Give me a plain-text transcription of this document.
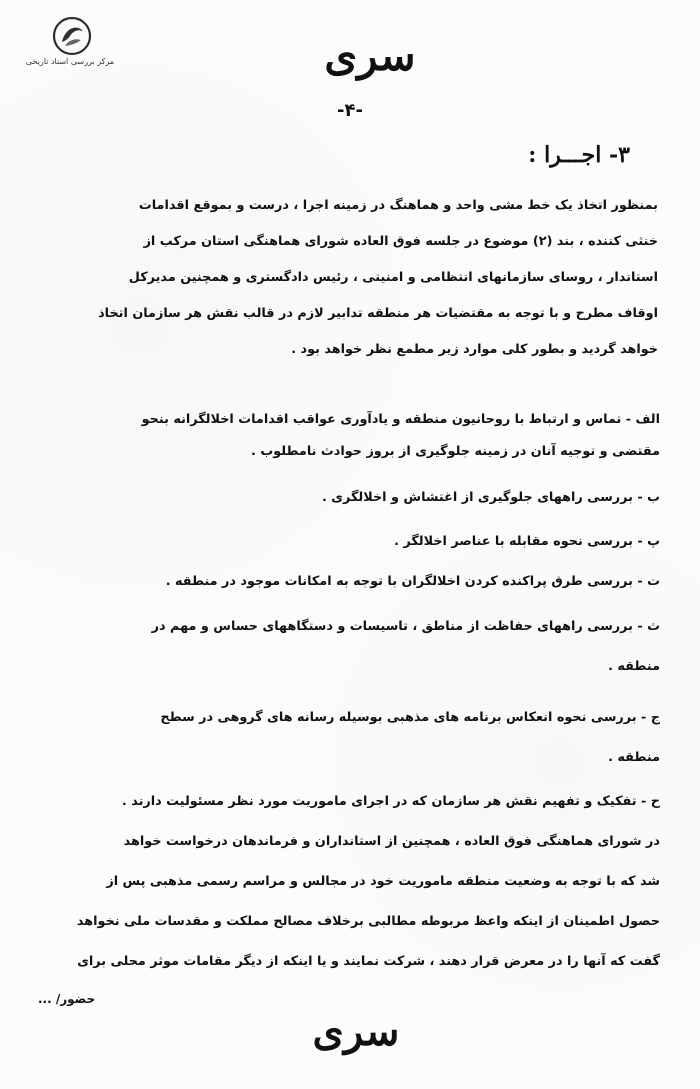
مرکز بررسی اسناد تاریخی	سری
-۴-
۳- اجـــرا :
بمنظور اتخاذ یک خط مشی واحد و هماهنگ در زمینه اجرا ، درست و بموقع اقدامات
خنثی کننده ، بند (۲) موضوع در جلسه فوق العاده شورای هماهنگی استان مرکب از
استاندار ، روسای سازمانهای انتظامی و امنیتی ، رئیس دادگستری و همچنین مدیرکل
اوقاف مطرح و با توجه به مقتضیات هر منطقه تدابیر لازم در قالب نقش هر سازمان اتخاذ
خواهد گردید و بطور کلی موارد زیر مطمع نظر خواهد بود .
الف - تماس و ارتباط با روحانیون منطقه و یادآوری عواقب اقدامات اخلالگرانه بنحو
مقتضی و توجیه آنان در زمینه جلوگیری از بروز حوادث نامطلوب .
ب - بررسی راههای جلوگیری از اغتشاش و اخلالگری .
پ - بررسی نحوه مقابله با عناصر اخلالگر .
ت - بررسی طرق پراکنده کردن اخلالگران با توجه به امکانات موجود در منطقه .
ث - بررسی راههای حفاظت از مناطق ، تاسیسات و دستگاههای حساس و مهم در
منطقه .
ج - بررسی نحوه انعکاس برنامه های مذهبی بوسیله رسانه های گروهی در سطح
منطقه .
ح - تفکیک و تفهیم نقش هر سازمان که در اجرای ماموریت مورد نظر مسئولیت دارند .
در شورای هماهنگی فوق العاده ، همچنین از استانداران و فرماندهان درخواست خواهد
شد که با توجه به وضعیت منطقه ماموریت خود در مجالس و مراسم رسمی مذهبی پس از
حصول اطمینان از اینکه واعظ مربوطه مطالبی برخلاف مصالح مملکت و مقدسات ملی نخواهد
گفت که آنها را در معرض قرار دهند ، شرکت نمایند و یا اینکه از دیگر مقامات موثر محلی برای
حضور/ ...
سری
